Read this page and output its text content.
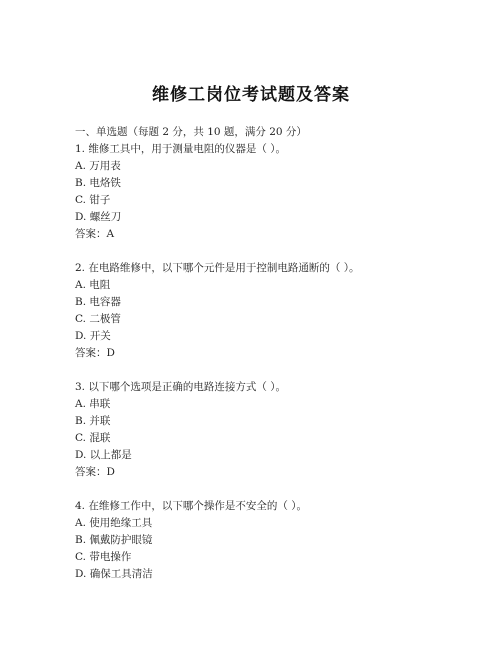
维修工岗位考试题及答案
一、单选题（每题 2 分，共 10 题，满分 20 分）
1. 维修工具中，用于测量电阻的仪器是（ ）。
A. 万用表
B. 电烙铁
C. 钳子
D. 螺丝刀
答案：A
2. 在电路维修中，以下哪个元件是用于控制电路通断的（ ）。
A. 电阻
B. 电容器
C. 二极管
D. 开关
答案：D
3. 以下哪个选项是正确的电路连接方式（ ）。
A. 串联
B. 并联
C. 混联
D. 以上都是
答案：D
4. 在维修工作中，以下哪个操作是不安全的（ ）。
A. 使用绝缘工具
B. 佩戴防护眼镜
C. 带电操作
D. 确保工具清洁
